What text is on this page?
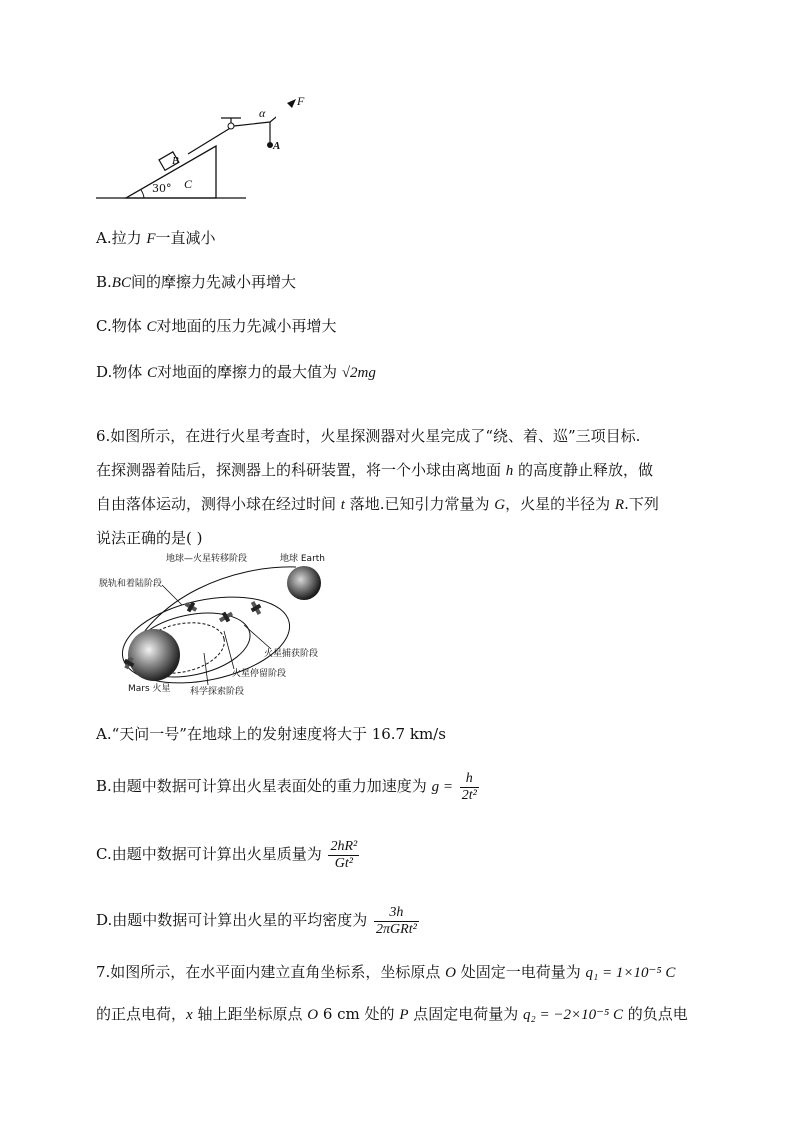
F
α
A
B
C
30°
A.拉力 F一直减小
B.BC间的摩擦力先减小再增大
C.物体 C对地面的压力先减小再增大
D.物体 C对地面的摩擦力的最大值为 √2mg
6.如图所示，在进行火星考查时，火星探测器对火星完成了“绕、着、巡”三项目标.
在探测器着陆后，探测器上的科研装置，将一个小球由离地面 h 的高度静止释放，做
自由落体运动，测得小球在经过时间 t 落地.已知引力常量为 G，火星的半径为 R.下列
说法正确的是( )
地球—火星转移阶段	地球 Earth
脱轨和着陆阶段
火星捕获阶段
火星停留阶段
科学探索阶段
Mars 火星
A.“天问一号”在地球上的发射速度将大于 16.7 km/s
B.由题中数据可计算出火星表面处的重力加速度为 $g = \frac{h}{\text{2t²}}$
C.由题中数据可计算出火星质量为 $\frac{\text{2hR²}}{\text{Gt²}}$
D.由题中数据可计算出火星的平均密度为 $\frac{3h}{\text{2πGRt²}}$
7.如图所示，在水平面内建立直角坐标系，坐标原点 O 处固定一电荷量为 q₁ = 1×10⁻⁵ C
的正点电荷，x 轴上距坐标原点 O 6 cm 处的 P 点固定电荷量为 q₂ = −2×10⁻⁵ C 的负点电
